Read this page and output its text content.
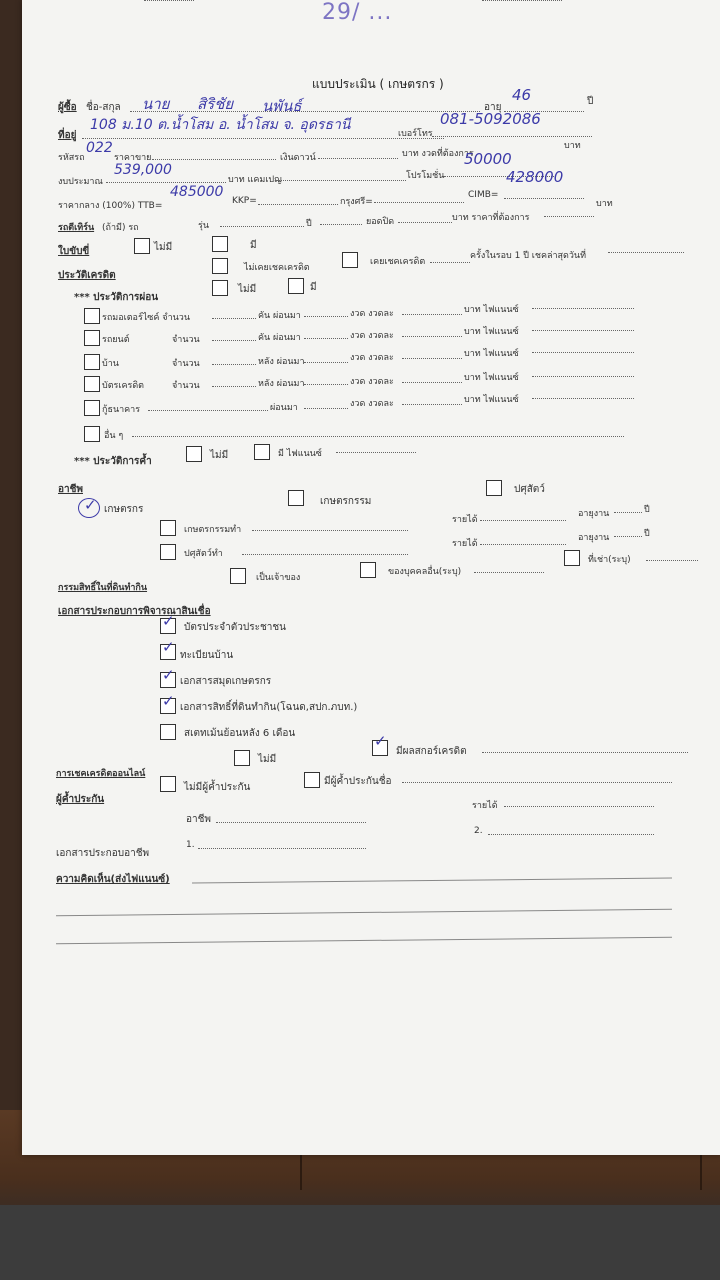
29/ ...
แบบประเมิน ( เกษตรกร )
ผู้ซื้อ ชื่อ-สกุล นาย สิริชัย นพันธ์	อายุ
46	ปี
ที่อยู่
108 ม.10 ต.น้ำโสม อ. น้ำโสม จ. อุดรธานี
เบอร์โทร
081-5092086
รหัสรถ
022
ราคาขาย	เงินดาวน์	บาท งวดที่ต้องการ
บาท
งบประมาณ
539,000
บาท แคมเปญ	โปรโมชั่น
50000
ราคากลาง (100%) TTB=
485000
KKP=	กรุงศรี=
CIMB=
428000
รถตีเทิร์น (ถ้ามี) รถ	รุ่น	ปี	ยอดปิด	บาท ราคาที่ต้องการ
บาท
ใบขับขี่	ไม่มี	มี
ประวัติเครดิต
ไม่เคยเชคเครดิต
เคยเชคเครดิต
ครั้งในรอบ 1 ปี เชคล่าสุดวันที่
*** ประวัติการผ่อน
ไม่มี	มี
รถมอเตอร์ไซค์ จำนวน	คัน ผ่อนมา	งวด งวดละ	บาท ไฟแนนซ์
รถยนต์	จำนวน	คัน ผ่อนมา	งวด งวดละ	บาท ไฟแนนซ์
บ้าน	จำนวน	หลัง ผ่อนมา	งวด งวดละ	บาท ไฟแนนซ์
บัตรเครดิต	จำนวน	หลัง ผ่อนมา	งวด งวดละ	บาท ไฟแนนซ์
กู้ธนาคาร	ผ่อนมา	งวด งวดละ	บาท ไฟแนนซ์
อื่น ๆ
*** ประวัติการค้ำ
ไม่มี	มี ไฟแนนซ์
อาชีพ
✓ เกษตรกร
เกษตรกรรม
ปศุสัตว์
เกษตรกรรมทำ
รายได้
อายุงาน	ปี
ปศุสัตว์ทำ
รายได้
อายุงาน	ปี
กรรมสิทธิ์ในที่ดินทำกิน
เป็นเจ้าของ
ของบุคคลอื่น(ระบุ)
ที่เช่า(ระบุ)
เอกสารประกอบการพิจารณาสินเชื่อ
✓ บัตรประจำตัวประชาชน
✓ ทะเบียนบ้าน
✓ เอกสารสมุดเกษตรกร
✓ เอกสารสิทธิ์ที่ดินทำกิน(โฉนด,สปก.ภบท.)
สเตทเม้นย้อนหลัง 6 เดือน
การเชคเครดิตออนไลน์
ไม่มี
✓
มีผลสกอร์เครดิต
ผู้ค้ำประกัน
ไม่มีผู้ค้ำประกัน
มีผู้ค้ำประกันชื่อ
รายได้
อาชีพ
เอกสารประกอบอาชีพ
1.
2.
ความคิดเห็น(ส่งไฟแนนซ์)
